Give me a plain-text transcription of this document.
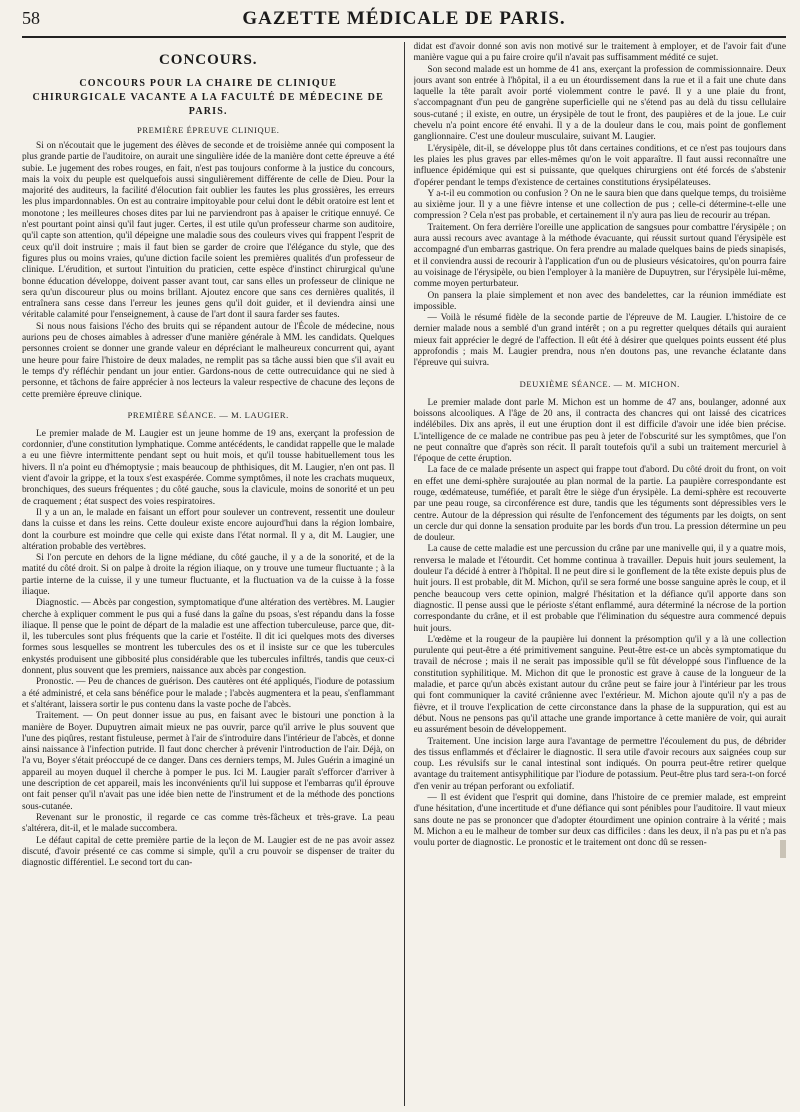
58	GAZETTE MÉDICALE DE PARIS.
CONCOURS.
CONCOURS POUR LA CHAIRE DE CLINIQUE CHIRURGICALE VACANTE A LA FACULTÉ DE MÉDECINE DE PARIS.
PREMIÈRE ÉPREUVE CLINIQUE.

Si on n'écoutait que le jugement des élèves de seconde et de troisième année qui composent la plus grande partie de l'auditoire, on aurait une singulière idée de la manière dont cette épreuve a été subie. Le jugement des robes rouges, en fait, n'est pas toujours conforme à la justice du concours, mais la voix du peuple est quelquefois aussi singulièrement différente de celle de Dieu. Pour la majorité des auditeurs, la facilité d'élocution fait oublier les fautes les plus grossières, les erreurs les plus impardonnables. On est au contraire impitoyable pour celui dont le débit oratoire est lent et monotone ; les meilleures choses dites par lui ne parviendront pas à apaiser le critique ennuyé. Ce n'est pourtant point ainsi qu'il faut juger. Certes, il est utile qu'un professeur charme son auditoire, qu'il capte son attention, qu'il dépeigne une maladie sous des couleurs vives qui frappent l'esprit de ceux qu'il doit instruire ; mais il faut bien se garder de croire que l'élégance du style, que des figures plus ou moins vraies, qu'une diction facile soient les premières qualités d'un professeur de clinique. L'érudition, et surtout l'intuition du praticien, cette espèce d'instinct chirurgical qu'une bonne éducation développe, doivent passer avant tout, car sans elles un professeur de clinique ne sera qu'un discoureur plus ou moins brillant. Ajoutez encore que sans ces dernières qualités, il entraînera sans cesse dans l'erreur les jeunes gens qu'il doit guider, et il deviendra ainsi une véritable calamité pour l'enseignement, à cause de l'art dont il saura farder ses fautes.

Si nous nous faisions l'écho des bruits qui se répandent autour de l'École de médecine, nous aurions peu de choses aimables à adresser d'une manière générale à MM. les candidats. Quelques personnes croient se donner une grande valeur en dépréciant le malheureux concurrent qui, ayant une heure pour faire l'histoire de deux malades, ne remplit pas sa tâche aussi bien que s'il avait eu le temps d'y réfléchir pendant un jour entier. Gardons-nous de cette outrecuidance qui ne sied à personne, et tâchons de faire apprécier à nos lecteurs la valeur respective de chacune des leçons de cette première épreuve clinique.

PREMIÈRE SÉANCE. — M. LAUGIER.

Le premier malade de M. Laugier est un jeune homme de 19 ans, exerçant la profession de cordonnier, d'une constitution lymphatique. Comme antécédents, le candidat rappelle que le malade a eu une fièvre intermittente pendant sept ou huit mois, et qu'il tousse habituellement tous les hivers. Il n'a point eu d'hémoptysie ; mais beaucoup de phthisiques, dit M. Laugier, n'en ont pas. Il vient d'avoir la grippe, et la toux s'est exaspérée. Comme symptômes, il note les crachats muqueux, bronchiques, des sueurs fréquentes ; du côté gauche, sous la clavicule, moins de sonorité et un peu de craquement ; état suspect des voies respiratoires.

Il y a un an, le malade en faisant un effort pour soulever un contrevent, ressentit une douleur dans la cuisse et dans les reins. Cette douleur existe encore aujourd'hui dans la région lombaire, dont la courbure est moindre que celle qui existe dans l'état normal. Il y a, dit M. Laugier, une altération probable des vertèbres.

Si l'on percute en dehors de la ligne médiane, du côté gauche, il y a de la sonorité, et de la matité du côté droit. Si on palpe à droite la région iliaque, on y trouve une tumeur fluctuante ; à la partie interne de la cuisse, il y une tumeur fluctuante, et la fluctuation va de la cuisse à la fosse iliaque.

Diagnostic. — Abcès par congestion, symptomatique d'une altération des vertèbres. M. Laugier cherche à expliquer comment le pus qui a fusé dans la gaîne du psoas, s'est répandu dans la fosse iliaque. Il pense que le point de départ de la maladie est une affection tuberculeuse, parce que, dit-il, les tubercules sont plus fréquents que la carie et l'ostéite. Il dit ici quelques mots des diverses formes sous lesquelles se montrent les tubercules des os et il insiste sur ce que les tubercules enkystés produisent une gibbosité plus considérable que les tubercules infiltrés, tandis que ceux-ci donnent, plus souvent que les premiers, naissance aux abcès par congestion.

Pronostic. — Peu de chances de guérison. Des cautères ont été appliqués, l'iodure de potassium a été administré, et cela sans bénéfice pour le malade ; l'abcès augmentera et la peau, s'enflammant et s'altérant, laissera sortir le pus contenu dans la vaste poche de l'abcès.

Traitement. — On peut donner issue au pus, en faisant avec le bistouri une ponction à la manière de Boyer. Dupuytren aimait mieux ne pas ouvrir, parce qu'il arrive le plus souvent que l'une des piqûres, restant fistuleuse, permet à l'air de s'introduire dans l'intérieur de l'abcès, et donne ainsi naissance à l'infection putride. Il faut donc chercher à prévenir l'introduction de l'air. Déjà, on l'a vu, Boyer s'était préoccupé de ce danger. Dans ces derniers temps, M. Jules Guérin a imaginé un appareil au moyen duquel il cherche à pomper le pus. Ici M. Laugier paraît s'efforcer d'arriver à une description de cet appareil, mais les inconvénients qu'il lui suppose et l'embarras qu'il éprouve ont fait penser qu'il n'avait pas une idée bien nette de l'instrument et de la méthode des ponctions sous-cutanée.

Revenant sur le pronostic, il regarde ce cas comme très-fâcheux et très-grave. La peau s'altérera, dit-il, et le malade succombera.

Le défaut capital de cette première partie de la leçon de M. Laugier est de ne pas avoir assez discuté, d'avoir présenté ce cas comme si simple, qu'il a cru pouvoir se dispenser de traiter du diagnostic différentiel. Le second tort du can-

didat est d'avoir donné son avis non motivé sur le traitement à employer, et de l'avoir fait d'une manière vague qui a pu faire croire qu'il n'avait pas suffisamment médité ce sujet.

Son second malade est un homme de 41 ans, exerçant la profession de commissionnaire. Deux jours avant son entrée à l'hôpital, il a eu un étourdissement dans la rue et il a fait une chute dans laquelle la tête paraît avoir porté violemment contre le pavé. Il y a une plaie du front, s'accompagnant d'un peu de gangrène superficielle qui ne s'étend pas au delà du tissu cellulaire sous-cutané ; il existe, en outre, un érysipèle de tout le front, des paupières et de la joue. Le cuir chevelu n'a point encore été envahi. Il y a de la douleur dans le cou, mais point de gonflement ganglionnaire. C'est une douleur musculaire, suivant M. Laugier.

L'érysipèle, dit-il, se développe plus tôt dans certaines conditions, et ce n'est pas toujours dans les plaies les plus graves par elles-mêmes qu'on le voit apparaître. Il faut aussi reconnaître une influence épidémique qui est si puissante, que quelques chirurgiens ont été forcés de s'abstenir d'opérer pendant le temps d'existence de certaines constitutions érysipélateuses.

Y a-t-il eu commotion ou confusion ? On ne le saura bien que dans quelque temps, du troisième au sixième jour. Il y a une fièvre intense et une collection de pus ; celle-ci détermine-t-elle une compression ? Cela n'est pas probable, et certainement il n'y aura pas lieu de recourir au trépan.

Traitement. On fera derrière l'oreille une application de sangsues pour combattre l'érysipèle ; on aura aussi recours avec avantage à la méthode évacuante, qui réussit surtout quand l'érysipèle est accompagné d'un embarras gastrique. On fera prendre au malade quelques bains de pieds sinapisés, et il conviendra aussi de recourir à l'application d'un ou de plusieurs vésicatoires, qu'on pourra faire au voisinage de l'érysipèle, ou bien l'employer à la manière de Dupuytren, sur l'érysipèle lui-même, comme moyen perturbateur.

On pansera la plaie simplement et non avec des bandelettes, car la réunion immédiate est impossible.

— Voilà le résumé fidèle de la seconde partie de l'épreuve de M. Laugier. L'histoire de ce dernier malade nous a semblé d'un grand intérêt ; on a pu regretter quelques détails qui auraient mieux fait apprécier le degré de l'affection. Il eût été à désirer que quelques points eussent été plus approfondis ; mais M. Laugier prendra, nous n'en doutons pas, une revanche éclatante dans l'épreuve qui suivra.

DEUXIÈME SÉANCE. — M. MICHON.

Le premier malade dont parle M. Michon est un homme de 47 ans, boulanger, adonné aux boissons alcooliques. A l'âge de 20 ans, il contracta des chancres qui ont laissé des cicatrices indélébiles. Dix ans après, il eut une éruption dont il est difficile d'avoir une idée bien précise. L'intelligence de ce malade ne contribue pas peu à jeter de l'obscurité sur les symptômes, que l'on ne peut connaître que d'après son récit. Il paraît toutefois qu'il a subi un traitement mercuriel à l'époque de cette éruption.

La face de ce malade présente un aspect qui frappe tout d'abord. Du côté droit du front, on voit en effet une demi-sphère surajoutée au plan normal de la partie. La paupière correspondante est rouge, œdémateuse, tuméfiée, et paraît être le siège d'un érysipèle. La demi-sphère est recouverte par une peau rouge, sa circonférence est dure, tandis que les téguments sont dépressibles vers le centre. Autour de la dépression qui résulte de l'enfoncement des téguments par les doigts, on sent un cercle dur qui donne la sensation produite par les bords d'un trou. La pression détermine un peu de douleur.

La cause de cette maladie est une percussion du crâne par une manivelle qui, il y a quatre mois, renversa le malade et l'étourdit. Cet homme continua à travailler. Depuis huit jours seulement, la douleur l'a décidé à entrer à l'hôpital. Il ne peut dire si le gonflement de la tête existe depuis plus de huit jours. Il est probable, dit M. Michon, qu'il se sera formé une bosse sanguine après le coup, et il penche beaucoup vers cette opinion, malgré l'hésitation et la défiance qu'il apporte dans son diagnostic. Il pense aussi que le périoste s'étant enflammé, aura déterminé la nécrose de la portion correspondante du crâne, et il est probable que l'élimination du séquestre aura commencé depuis huit jours.

L'œdème et la rougeur de la paupière lui donnent la présomption qu'il y a là une collection purulente qui peut-être a été primitivement sanguine. Peut-être est-ce un abcès symptomatique du travail de nécrose ; mais il ne serait pas impossible qu'il se fût développé sous l'influence de la constitution syphilitique. M. Michon dit que le pronostic est grave à cause de la longueur de la maladie, et parce qu'un abcès existant autour du crâne peut se faire jour à l'intérieur par les trous qui font communiquer la cavité crânienne avec l'extérieur. M. Michon ajoute qu'il n'y a pas de fièvre, et il trouve l'explication de cette circonstance dans la phase de la suppuration, qui est au début. Nous ne pensons pas qu'il attache une grande importance à cette manière de voir, qui aurait eu assurément besoin de développement.

Traitement. Une incision large aura l'avantage de permettre l'écoulement du pus, de débrider des tissus enflammés et d'éclairer le diagnostic. Il sera utile d'avoir recours aux saignées coup sur coup. Les révulsifs sur le canal intestinal sont indiqués. On pourra peut-être retirer quelque avantage du traitement antisyphilitique par l'iodure de potassium. Peut-être plus tard sera-t-on forcé d'en venir au trépan perforant ou exfoliatif.

— Il est évident que l'esprit qui domine, dans l'histoire de ce premier malade, est empreint d'une hésitation, d'une incertitude et d'une défiance qui sont pénibles pour l'auditoire. Il vaut mieux sans doute ne pas se prononcer que d'adopter étourdiment une opinion contraire à la vérité ; mais M. Michon a eu le malheur de tomber sur deux cas difficiles : dans les deux, il n'a pas pu et n'a pas voulu porter de diagnostic. Le pronostic et le traitement ont donc dû se ressen-
